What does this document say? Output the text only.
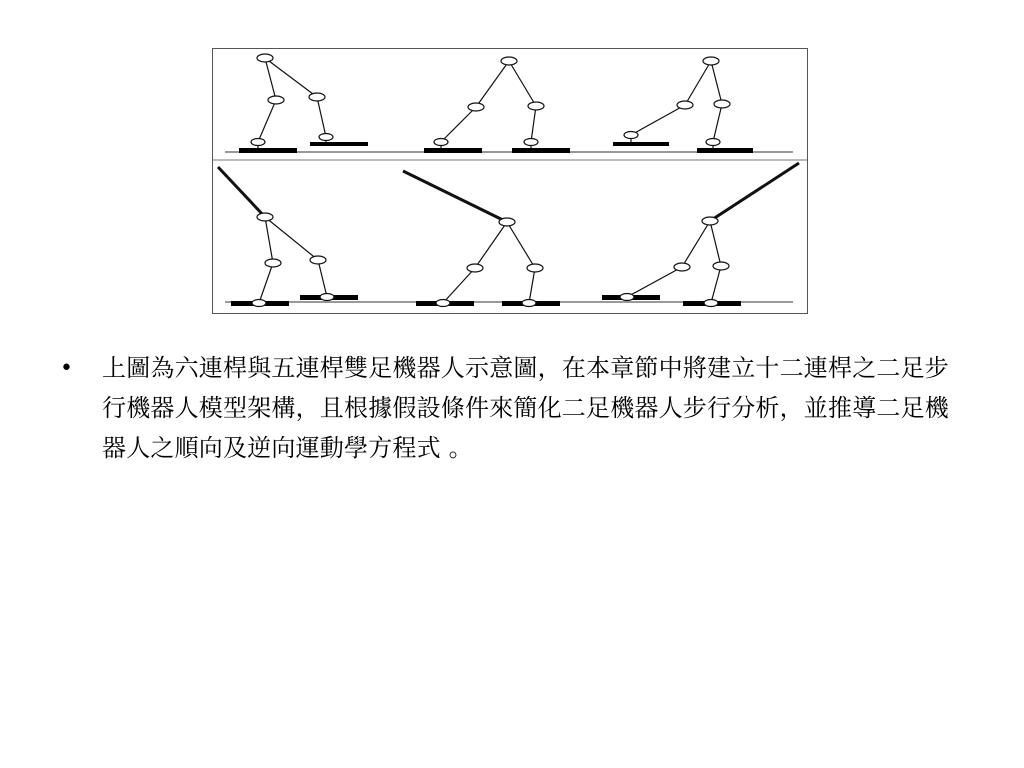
• 上圖為六連桿與五連桿雙足機器人示意圖，在本章節中將建立十二連桿之二足步行機器人模型架構，且根據假設條件來簡化二足機器人步行分析，並推導二足機器人之順向及逆向運動學方程式 。
